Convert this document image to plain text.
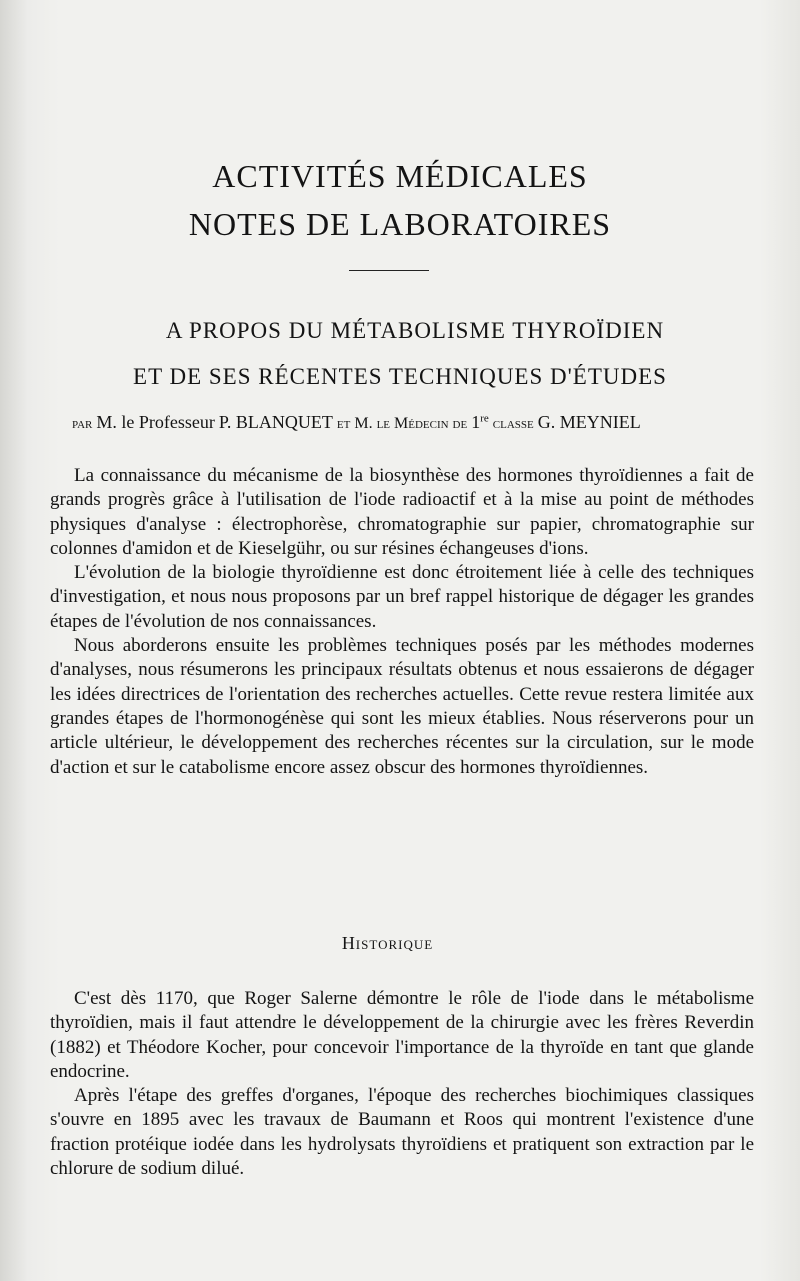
ACTIVITÉS MÉDICALES
NOTES DE LABORATOIRES
A PROPOS DU MÉTABOLISME THYROÏDIEN
ET DE SES RÉCENTES TECHNIQUES D'ÉTUDES
par M. le Professeur P. BLANQUET et M. le Médecin de 1re classe G. MEYNIEL

La connaissance du mécanisme de la biosynthèse des hormones thyroïdiennes a fait de grands progrès grâce à l'utilisation de l'iode radioactif et à la mise au point de méthodes physiques d'analyse : électrophorèse, chromatographie sur papier, chromatographie sur colonnes d'amidon et de Kieselgühr, ou sur résines échangeuses d'ions.

L'évolution de la biologie thyroïdienne est donc étroitement liée à celle des techniques d'investigation, et nous nous proposons par un bref rappel historique de dégager les grandes étapes de l'évolution de nos connaissances.

Nous aborderons ensuite les problèmes techniques posés par les méthodes modernes d'analyses, nous résumerons les principaux résultats obtenus et nous essaierons de dégager les idées directrices de l'orientation des recherches actuelles. Cette revue restera limitée aux grandes étapes de l'hormonogénèse qui sont les mieux établies. Nous réserverons pour un article ultérieur, le développement des recherches récentes sur la circulation, sur le mode d'action et sur le catabolisme encore assez obscur des hormones thyroïdiennes.

Historique

C'est dès 1170, que Roger Salerne démontre le rôle de l'iode dans le métabolisme thyroïdien, mais il faut attendre le développement de la chirurgie avec les frères Reverdin (1882) et Théodore Kocher, pour concevoir l'importance de la thyroïde en tant que glande endocrine.

Après l'étape des greffes d'organes, l'époque des recherches biochimiques classiques s'ouvre en 1895 avec les travaux de Baumann et Roos qui montrent l'existence d'une fraction protéique iodée dans les hydrolysats thyroïdiens et pratiquent son extraction par le chlorure de sodium dilué.
